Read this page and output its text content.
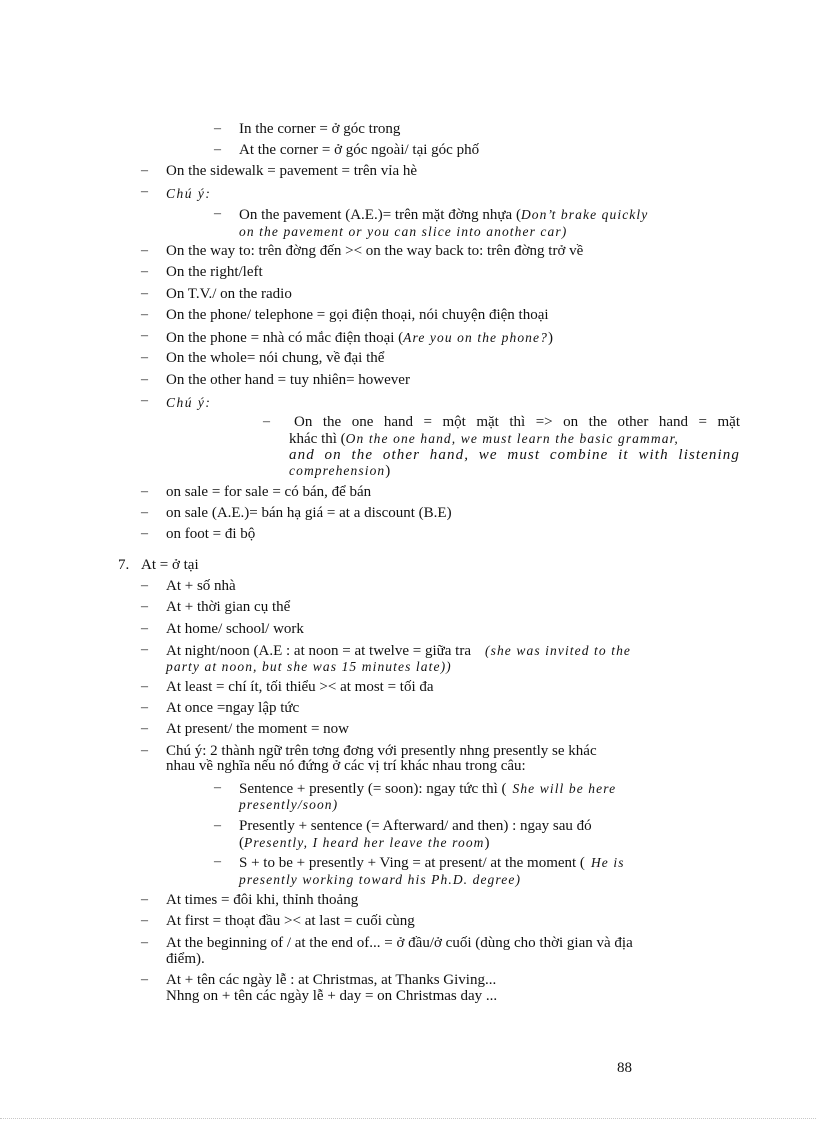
– In the corner = ở góc trong
– At the corner = ở góc ngoài/ tại góc phố
– On the sidewalk = pavement = trên vỉa hè
– Chú ý:
– On the pavement (A.E.)= trên mặt đờng nhựa (Don’t brake quickly
on the pavement or you can slice into another car)
– On the way to: trên đờng đến >< on the way back to: trên đờng trở về
– On the right/left
– On T.V./ on the radio
– On the phone/ telephone = gọi điện thoại, nói chuyện điện thoại
– On the phone = nhà có mắc điện thoại (Are you on the phone?)
– On the whole= nói chung, về đại thể
– On the other hand = tuy nhiên= however
– Chú ý:
– On the one hand = một mặt thì => on the other hand = mặt
khác thì (On the one hand, we must learn the basic grammar,
and on the other hand, we must combine it with listening
comprehension)
– on sale = for sale = có bán, để bán
– on sale (A.E.)= bán hạ giá = at a discount (B.E)
– on foot = đi bộ
7. At = ở tại
– At + số nhà
– At + thời gian cụ thể
– At home/ school/ work
– At night/noon (A.E : at noon = at twelve = giữa tra (she was invited to the
party at noon, but she was 15 minutes late))
– At least = chí ít, tối thiểu >< at most = tối đa
– At once =ngay lập tức
– At present/ the moment = now
– Chú ý: 2 thành ngữ trên tơng đơng với presently nhng presently se khác
nhau về nghĩa nếu nó đứng ở các vị trí khác nhau trong câu:
– Sentence + presently (= soon): ngay tức thì ( She will be here
presently/soon)
– Presently + sentence (= Afterward/ and then) : ngay sau đó
(Presently, I heard her leave the room)
– S + to be + presently + Ving = at present/ at the moment ( He is
presently working toward his Ph.D. degree)
– At times = đôi khi, thỉnh thoảng
– At first = thoạt đầu >< at last = cuối cùng
– At the beginning of / at the end of... = ở đầu/ở cuối (dùng cho thời gian và địa
điểm).
– At + tên các ngày lễ : at Christmas, at Thanks Giving...
Nhng on + tên các ngày lễ + day = on Christmas day ...
88
